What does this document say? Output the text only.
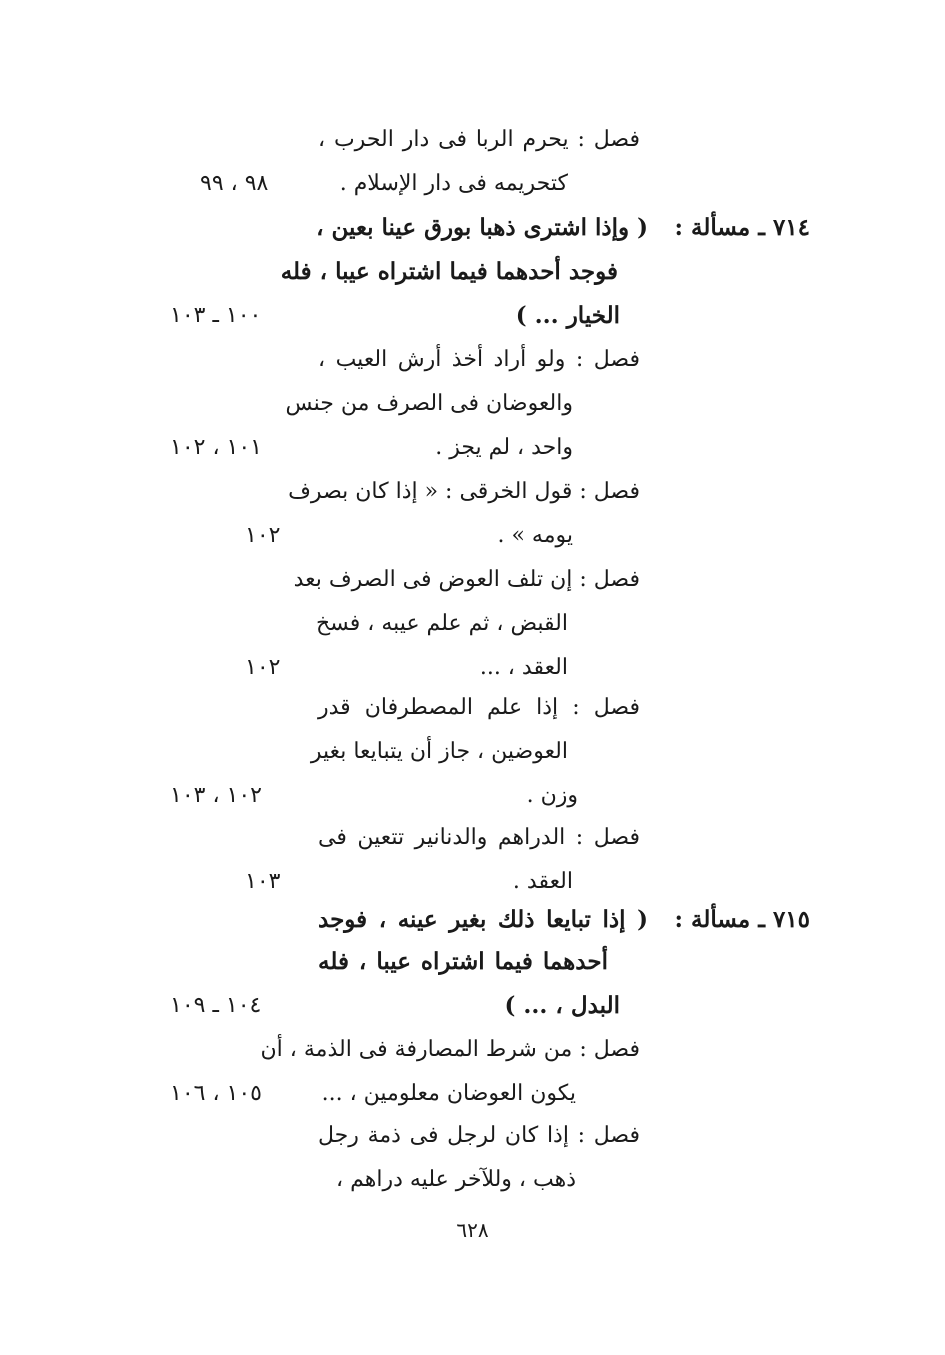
فصل : يحرم الربا فى دار الحرب ،
كتحريمه فى دار الإسلام .
٩٨ ، ٩٩
٧١٤ ـ مسألة :
( وإذا اشترى ذهبا بورق عينا بعين ،
فوجد أحدهما فيما اشتراه عيبا ، فله
الخيار ... )
١٠٠ ـ ١٠٣
فصل : ولو أراد أخذ أرش العيب ،
والعوضان فى الصرف من جنس
واحد ، لم يجز .
١٠١ ، ١٠٢
فصل : قول الخرقى : « إذا كان بصرف
يومه » .
١٠٢
فصل : إن تلف العوض فى الصرف بعد
القبض ، ثم علم عيبه ، فسخ
العقد ، ...
١٠٢
فصل : إذا علم المصطرفان قدر
العوضين ، جاز أن يتبايعا بغير
وزن .
١٠٢ ، ١٠٣
فصل : الدراهم والدنانير تتعين فى
العقد .
١٠٣
٧١٥ ـ مسألة :
( إذا تبايعا ذلك بغير عينه ، فوجد
أحدهما فيما اشتراه عيبا ، فله
البدل ، ... )
١٠٤ ـ ١٠٩
فصل : من شرط المصارفة فى الذمة ، أن
يكون العوضان معلومين ، ...
١٠٥ ، ١٠٦
فصل : إذا كان لرجل فى ذمة رجل
ذهب ، وللآخر عليه دراهم ،
٦٢٨
